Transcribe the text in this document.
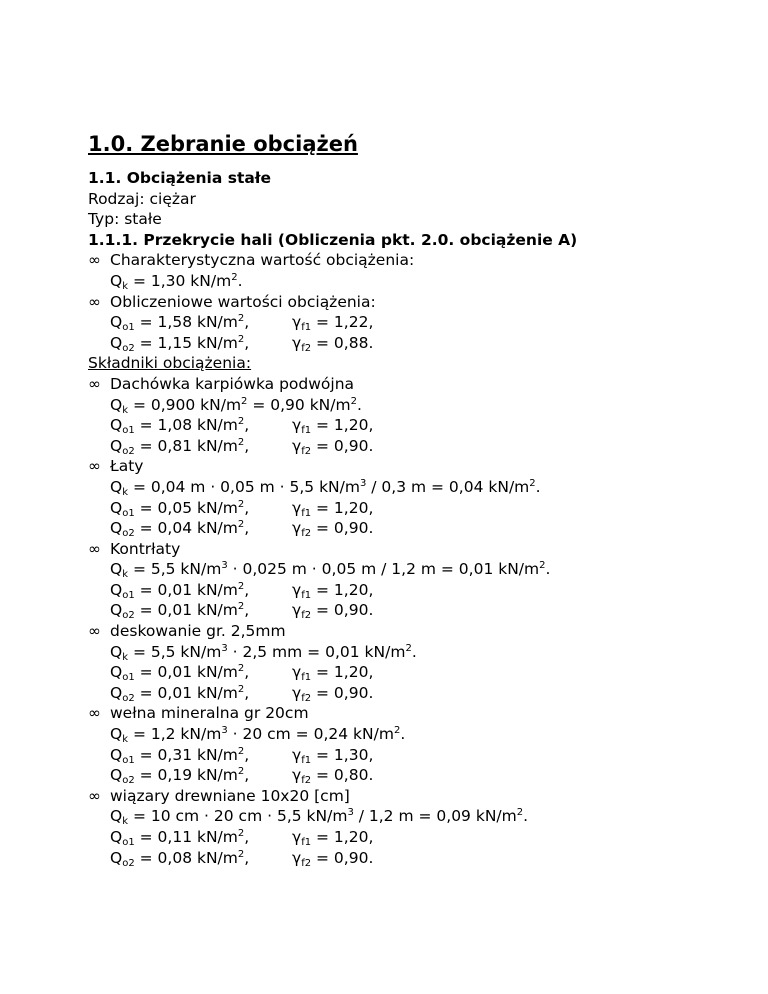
1.0. Zebranie obciążeń
1.1. Obciążenia stałe
Rodzaj: ciężar
Typ: stałe
1.1.1. Przekrycie hali (Obliczenia pkt. 2.0. obciążenie A)
∞ Charakterystyczna wartość obciążenia:
$Q_k = 1,30$ $kN/m^2$.
∞ Obliczeniowe wartości obciążenia:
$Q_{o1} = 1,58$ $kN/m^2$,	$\gamma_{f1} = 1,22$,
$Q_{o2} = 1,15$ $kN/m^2$,	$\gamma_{f2} = 0,88$.
Składniki obciążenia:
∞ Dachówka karpiówka podwójna
$Q_k = 0,900$ $kN/m^2 = 0,90$ $kN/m^2$.
$Q_{o1} = 1,08$ $kN/m^2$,	$\gamma_{f1} = 1,20$,
$Q_{o2} = 0,81$ $kN/m^2$,	$\gamma_{f2} = 0,90$.
∞ Łaty
$Q_k = 0,04$ m · 0,05 m · 5,5 $kN/m^3 / 0,3$ m = 0,04 $kN/m^2$.
$Q_{o1} = 0,05$ $kN/m^2$,	$\gamma_{f1} = 1,20$,
$Q_{o2} = 0,04$ $kN/m^2$,	$\gamma_{f2} = 0,90$.
∞ Kontrłaty
$Q_k = 5,5$ $kN/m^3 \cdot 0,025$ m · 0,05 m / 1,2 m = 0,01 $kN/m^2$.
$Q_{o1} = 0,01$ $kN/m^2$,	$\gamma_{f1} = 1,20$,
$Q_{o2} = 0,01$ $kN/m^2$,	$\gamma_{f2} = 0,90$.
∞ deskowanie gr. 2,5mm
$Q_k = 5,5$ $kN/m^3 \cdot 2,5$ mm = 0,01 $kN/m^2$.
$Q_{o1} = 0,01$ $kN/m^2$,	$\gamma_{f1} = 1,20$,
$Q_{o2} = 0,01$ $kN/m^2$,	$\gamma_{f2} = 0,90$.
∞ wełna mineralna gr 20cm
$Q_k = 1,2$ $kN/m^3 \cdot 20$ cm = 0,24 $kN/m^2$.
$Q_{o1} = 0,31$ $kN/m^2$,	$\gamma_{f1} = 1,30$,
$Q_{o2} = 0,19$ $kN/m^2$,	$\gamma_{f2} = 0,80$.
∞ wiązary drewniane 10x20 [cm]
$Q_k = 10$ cm · 20 cm · 5,5 $kN/m^3 / 1,2$ m = 0,09 $kN/m^2$.
$Q_{o1} = 0,11$ $kN/m^2$,	$\gamma_{f1} = 1,20$,
$Q_{o2} = 0,08$ $kN/m^2$,	$\gamma_{f2} = 0,90$.
